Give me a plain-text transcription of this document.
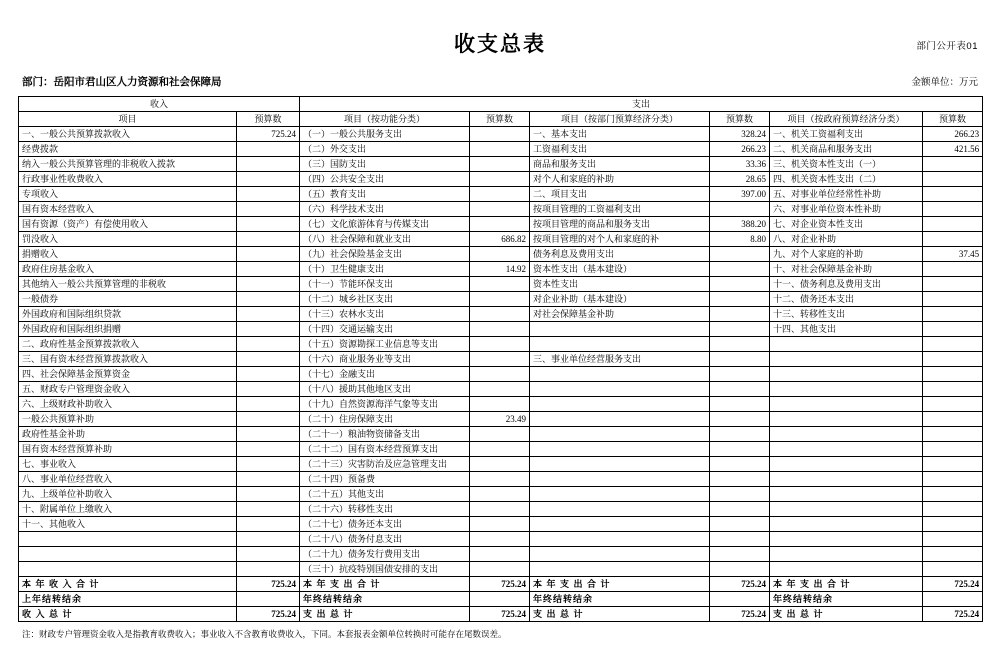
部门公开表01
收支总表
部门：岳阳市君山区人力资源和社会保障局	金额单位：万元
收入		支出					
项目	预算数	项目（按功能分类）	预算数	项目（按部门预算经济分类）	预算数	项目（按政府预算经济分类）	预算数
一、一般公共预算拨款收入	725.24	（一）一般公共服务支出		一、基本支出	328.24	一、机关工资福利支出	266.23
经费拨款		（二）外交支出		工资福利支出	266.23	二、机关商品和服务支出	421.56
纳入一般公共预算管理的非税收入拨款		（三）国防支出		商品和服务支出	33.36	三、机关资本性支出（一）	
行政事业性收费收入		（四）公共安全支出		对个人和家庭的补助	28.65	四、机关资本性支出（二）	
专项收入		（五）教育支出		二、项目支出	397.00	五、对事业单位经常性补助	
国有资本经营收入		（六）科学技术支出		按项目管理的工资福利支出		六、对事业单位资本性补助	
国有资源（资产）有偿使用收入		（七）文化旅游体育与传媒支出		按项目管理的商品和服务支出	388.20	七、对企业资本性支出	
罚没收入		（八）社会保障和就业支出	686.82	按项目管理的对个人和家庭的补	8.80	八、对企业补助	
捐赠收入		（九）社会保险基金支出		债务利息及费用支出		九、对个人家庭的补助	37.45
政府住房基金收入		（十）卫生健康支出	14.92	资本性支出（基本建设）		十、对社会保障基金补助	
其他纳入一般公共预算管理的非税收		（十一）节能环保支出		资本性支出		十一、债务利息及费用支出	
一般债券		（十二）城乡社区支出		对企业补助（基本建设）		十二、债务还本支出	
外国政府和国际组织贷款		（十三）农林水支出		对社会保障基金补助		十三、转移性支出	
外国政府和国际组织捐赠		（十四）交通运输支出				十四、其他支出	
二、政府性基金预算拨款收入		（十五）资源勘探工业信息等支出					
三、国有资本经营预算拨款收入		（十六）商业服务业等支出		三、事业单位经营服务支出			
四、社会保障基金预算资金		（十七）金融支出					
五、财政专户管理资金收入		（十八）援助其他地区支出					
六、上级财政补助收入		（十九）自然资源海洋气象等支出					
一般公共预算补助		（二十）住房保障支出	23.49				
政府性基金补助		（二十一）粮油物资储备支出					
国有资本经营预算补助		（二十二）国有资本经营预算支出					
七、事业收入		（二十三）灾害防治及应急管理支出					
八、事业单位经营收入		（二十四）预备费					
九、上级单位补助收入		（二十五）其他支出					
十、附属单位上缴收入		（二十六）转移性支出					
十一、其他收入		（二十七）债务还本支出					
		（二十八）债务付息支出					
		（二十九）债务发行费用支出					
		（三十）抗疫特别国债安排的支出					
本 年 收 入 合 计	725.24	本 年 支 出 合 计	725.24	本 年 支 出 合 计	725.24	本 年 支 出 合 计	725.24
上年结转结余		年终结转结余		年终结转结余		年终结转结余	
收 入 总 计	725.24	支 出 总 计	725.24	支 出 总 计	725.24	支 出 总 计	725.24
注：财政专户管理资金收入是指教育收费收入；事业收入不含教育收费收入，下同。本套报表金额单位转换时可能存在尾数误差。
